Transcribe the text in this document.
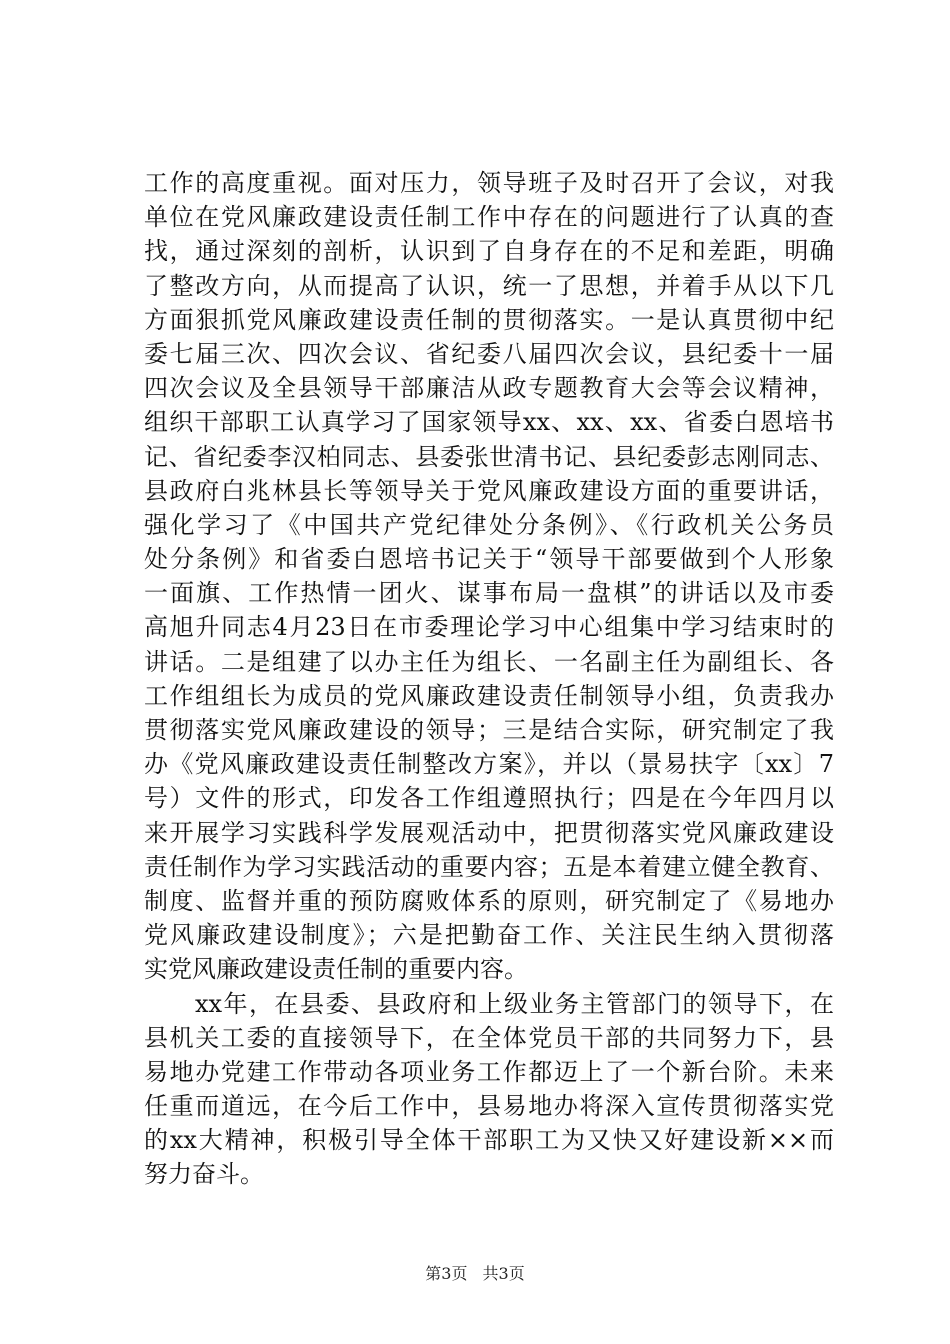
工作的高度重视。面对压力，领导班子及时召开了会议，对我
单位在党风廉政建设责任制工作中存在的问题进行了认真的查
找，通过深刻的剖析，认识到了自身存在的不足和差距，明确
了整改方向，从而提高了认识，统一了思想，并着手从以下几
方面狠抓党风廉政建设责任制的贯彻落实。一是认真贯彻中纪
委七届三次、四次会议、省纪委八届四次会议，县纪委十一届
四次会议及全县领导干部廉洁从政专题教育大会等会议精神，
组织干部职工认真学习了国家领导xx、xx、xx、省委白恩培书
记、省纪委李汉柏同志、县委张世清书记、县纪委彭志刚同志、
县政府白兆林县长等领导关于党风廉政建设方面的重要讲话，
强化学习了《中国共产党纪律处分条例》、《行政机关公务员
处分条例》和省委白恩培书记关于“领导干部要做到个人形象
一面旗、工作热情一团火、谋事布局一盘棋”的讲话以及市委
高旭升同志4月23日在市委理论学习中心组集中学习结束时的
讲话。二是组建了以办主任为组长、一名副主任为副组长、各
工作组组长为成员的党风廉政建设责任制领导小组，负责我办
贯彻落实党风廉政建设的领导；三是结合实际，研究制定了我
办《党风廉政建设责任制整改方案》，并以（景易扶字〔xx〕7
号）文件的形式，印发各工作组遵照执行；四是在今年四月以
来开展学习实践科学发展观活动中，把贯彻落实党风廉政建设
责任制作为学习实践活动的重要内容；五是本着建立健全教育、
制度、监督并重的预防腐败体系的原则，研究制定了《易地办
党风廉政建设制度》；六是把勤奋工作、关注民生纳入贯彻落
实党风廉政建设责任制的重要内容。
　　xx年，在县委、县政府和上级业务主管部门的领导下，在
县机关工委的直接领导下，在全体党员干部的共同努力下，县
易地办党建工作带动各项业务工作都迈上了一个新台阶。未来
任重而道远，在今后工作中，县易地办将深入宣传贯彻落实党
的xx大精神，积极引导全体干部职工为又快又好建设新××而
努力奋斗。
第3页 共3页
